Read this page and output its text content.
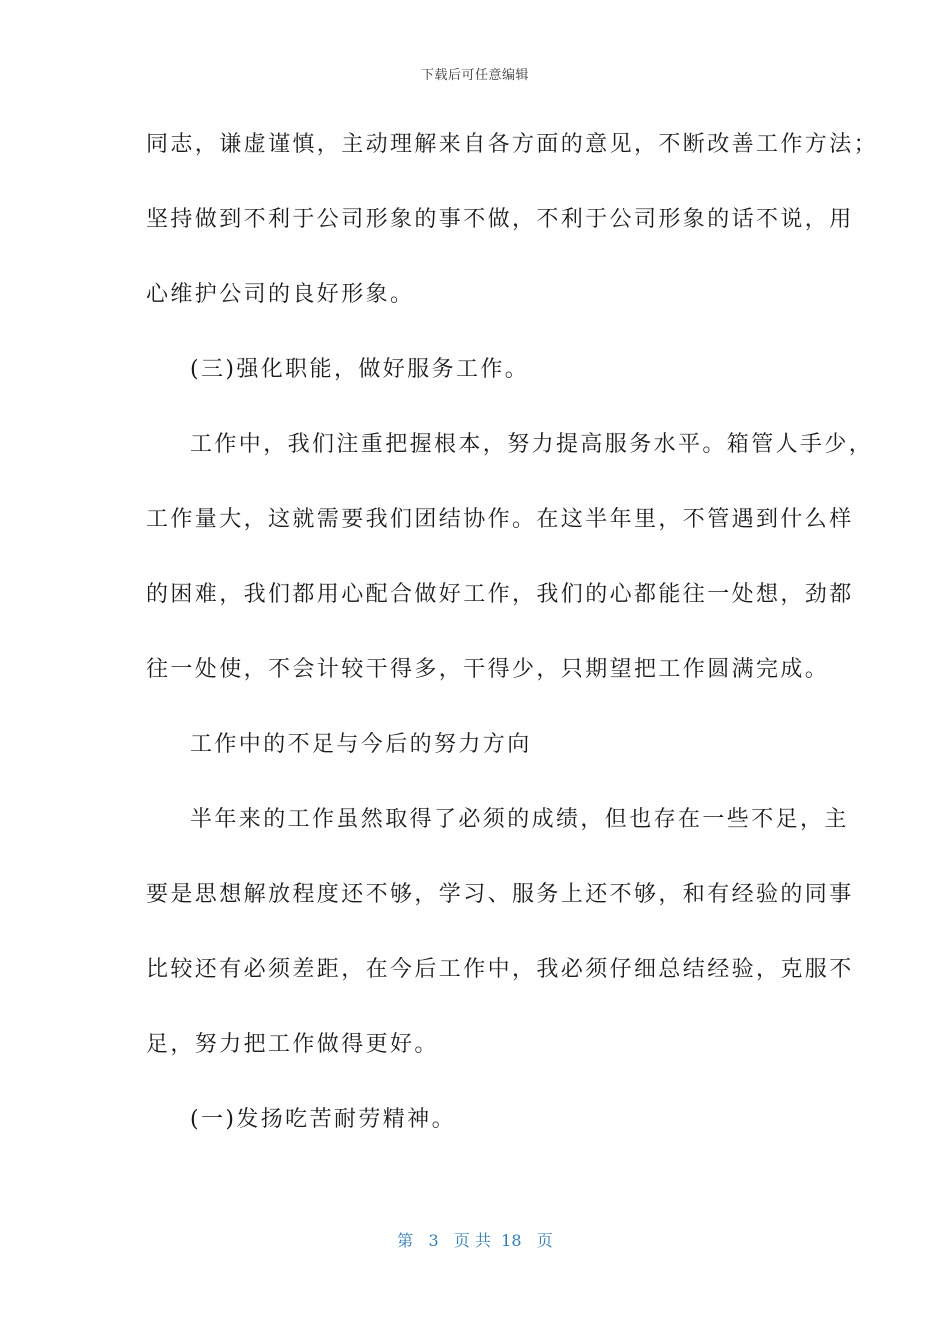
下载后可任意编辑
同志，谦虚谨慎，主动理解来自各方面的意见，不断改善工作方法；
坚持做到不利于公司形象的事不做，不利于公司形象的话不说，用
心维护公司的良好形象。
(三)强化职能，做好服务工作。
工作中，我们注重把握根本，努力提高服务水平。箱管人手少，
工作量大，这就需要我们团结协作。在这半年里，不管遇到什么样
的困难，我们都用心配合做好工作，我们的心都能往一处想，劲都
往一处使，不会计较干得多，干得少，只期望把工作圆满完成。
工作中的不足与今后的努力方向
半年来的工作虽然取得了必须的成绩，但也存在一些不足，主
要是思想解放程度还不够，学习、服务上还不够，和有经验的同事
比较还有必须差距，在今后工作中，我必须仔细总结经验，克服不
足，努力把工作做得更好。
(一)发扬吃苦耐劳精神。
第 3 页 共 18 页
